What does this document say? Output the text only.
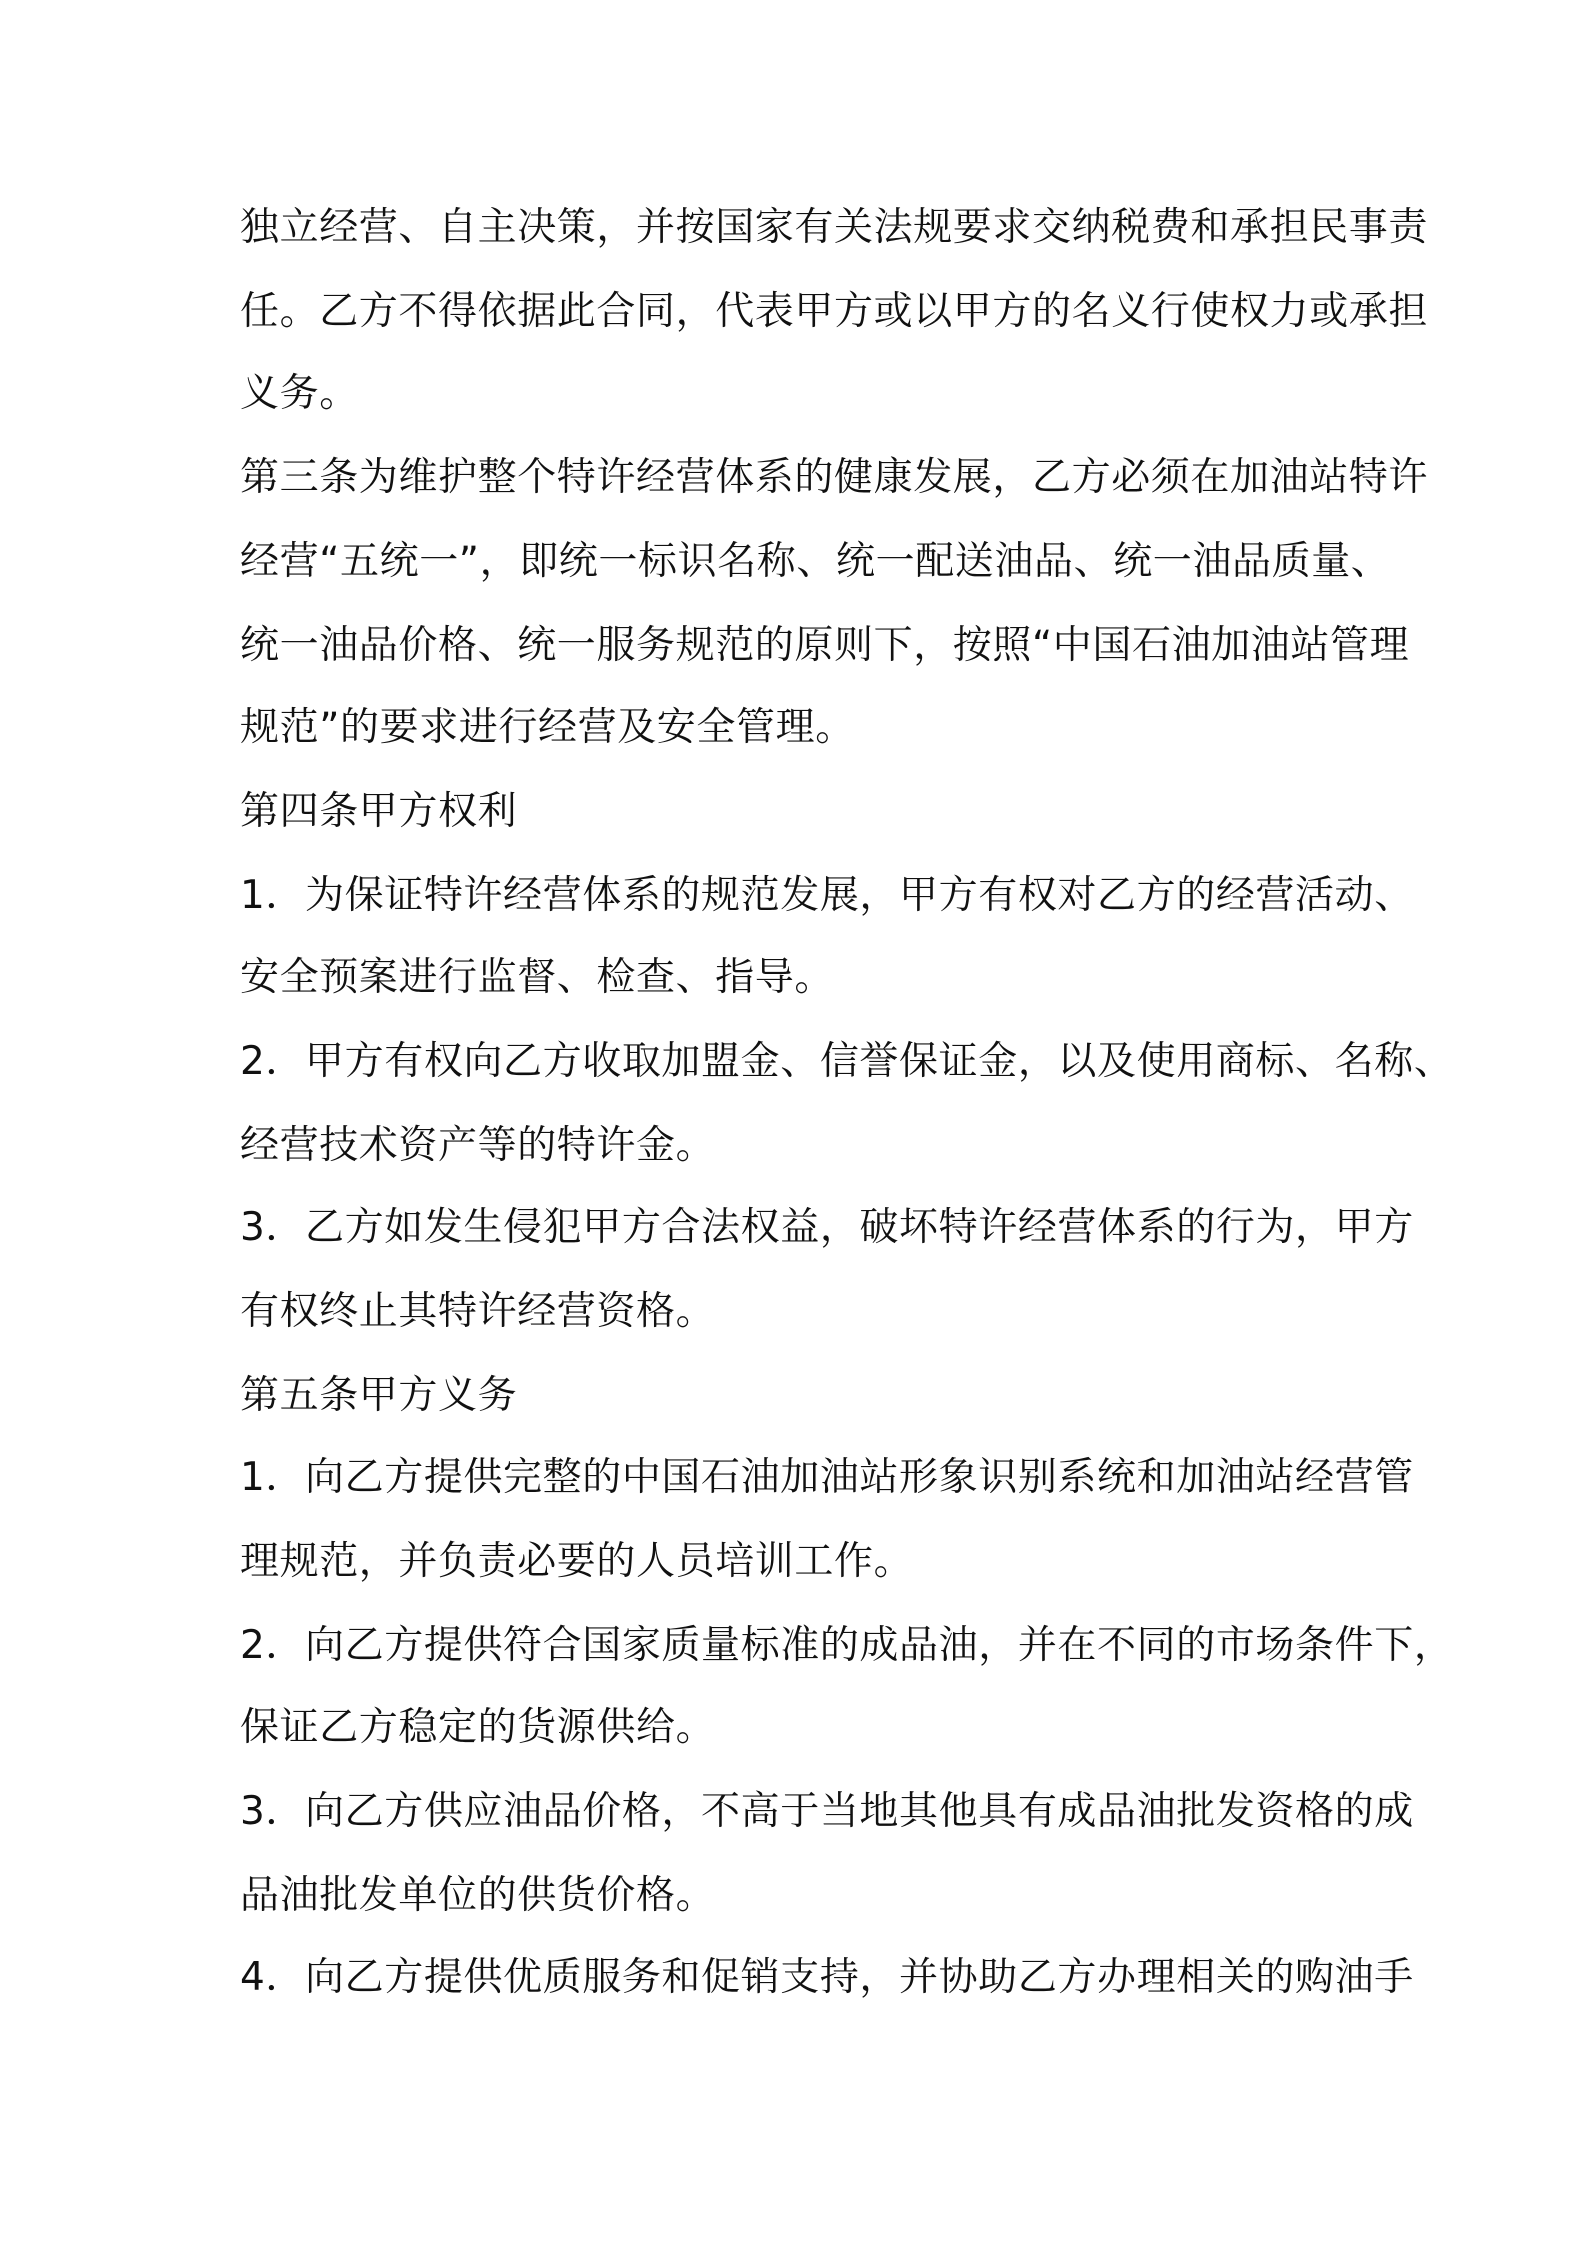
独立经营、自主决策，并按国家有关法规要求交纳税费和承担民事责
任。乙方不得依据此合同，代表甲方或以甲方的名义行使权力或承担
义务。
第三条为维护整个特许经营体系的健康发展，乙方必须在加油站特许
经营“五统一”，即统一标识名称、统一配送油品、统一油品质量、
统一油品价格、统一服务规范的原则下，按照“中国石油加油站管理
规范”的要求进行经营及安全管理。
第四条甲方权利
1．为保证特许经营体系的规范发展，甲方有权对乙方的经营活动、
安全预案进行监督、检查、指导。
2．甲方有权向乙方收取加盟金、信誉保证金，以及使用商标、名称、
经营技术资产等的特许金。
3．乙方如发生侵犯甲方合法权益，破坏特许经营体系的行为，甲方
有权终止其特许经营资格。
第五条甲方义务
1．向乙方提供完整的中国石油加油站形象识别系统和加油站经营管
理规范，并负责必要的人员培训工作。
2．向乙方提供符合国家质量标准的成品油，并在不同的市场条件下，
保证乙方稳定的货源供给。
3．向乙方供应油品价格，不高于当地其他具有成品油批发资格的成
品油批发单位的供货价格。
4．向乙方提供优质服务和促销支持，并协助乙方办理相关的购油手
